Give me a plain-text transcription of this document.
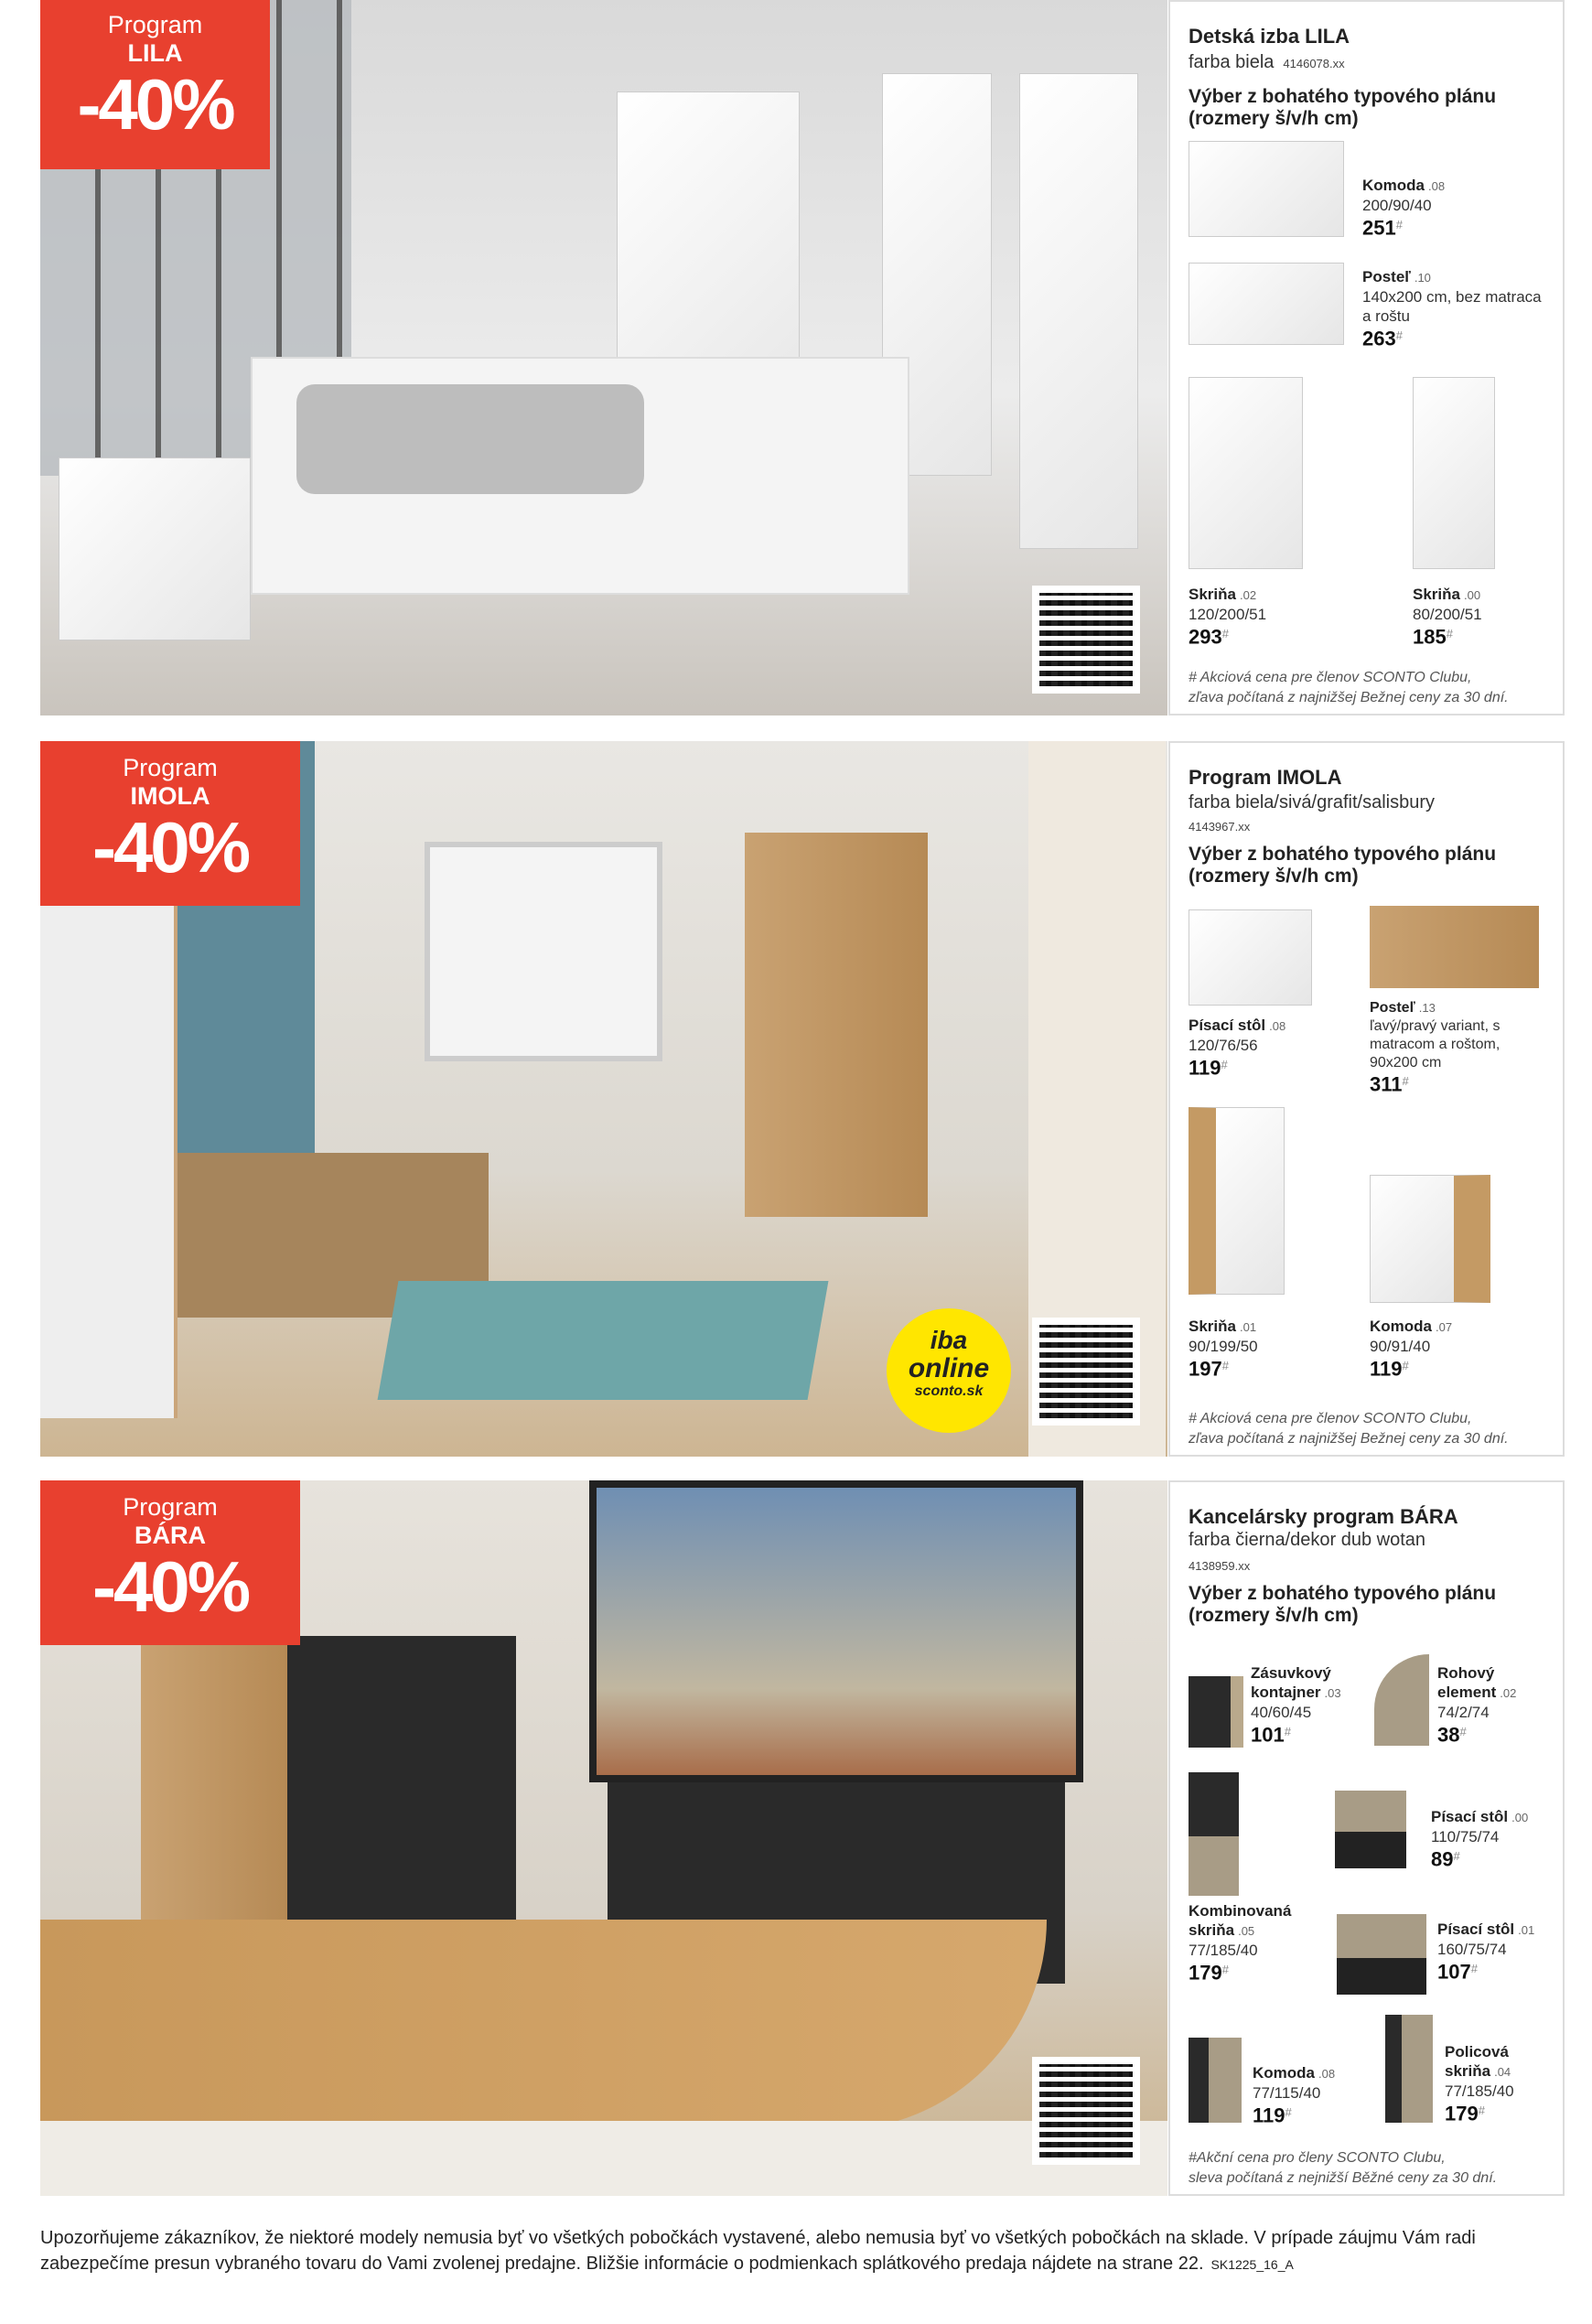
Program
LILA
-40%
Detská izba LILA
farba biela 4146078.xx
Výber z bohatého typového plánu
(rozmery š/v/h cm)
Komoda .08
200/90/40
251#
Posteľ .10
140x200 cm, bez matraca a roštu
263#
Skriňa .02
120/200/51
293#
Skriňa .00
80/200/51
185#
# Akciová cena pre členov SCONTO Clubu,
zľava počítaná z najnižšej Bežnej ceny za 30 dní.
Program
IMOLA
-40%
iba
online
sconto.sk
Program IMOLA
farba biela/sivá/grafit/salisbury
4143967.xx
Výber z bohatého typového plánu
(rozmery š/v/h cm)
Písací stôl .08
120/76/56
119#
Posteľ .13
ľavý/pravý variant, s matracom a roštom, 90x200 cm
311#
Skriňa .01
90/199/50
197#
Komoda .07
90/91/40
119#
# Akciová cena pre členov SCONTO Clubu,
zľava počítaná z najnižšej Bežnej ceny za 30 dní.
Program
BÁRA
-40%
Kancelársky program BÁRA
farba čierna/dekor dub wotan
4138959.xx
Výber z bohatého typového plánu
(rozmery š/v/h cm)
Zásuvkový kontajner .03
40/60/45
101#
Rohový element .02
74/2/74
38#
Kombinovaná skriňa .05
77/185/40
179#
Písací stôl .00
110/75/74
89#
Písací stôl .01
160/75/74
107#
Komoda .08
77/115/40
119#
Policová skriňa .04
77/185/40
179#
#Akční cena pro členy SCONTO Clubu,
sleva počítaná z nejnižší Běžné ceny za 30 dní.
Upozorňujeme zákazníkov, že niektoré modely nemusia byť vo všetkých pobočkách vystavené, alebo nemusia byť vo všetkých pobočkách na sklade. V prípade záujmu Vám radi zabezpečíme presun vybraného tovaru do Vami zvolenej predajne. Bližšie informácie o podmienkach splátkového predaja nájdete na strane 22. SK1225_16_A
